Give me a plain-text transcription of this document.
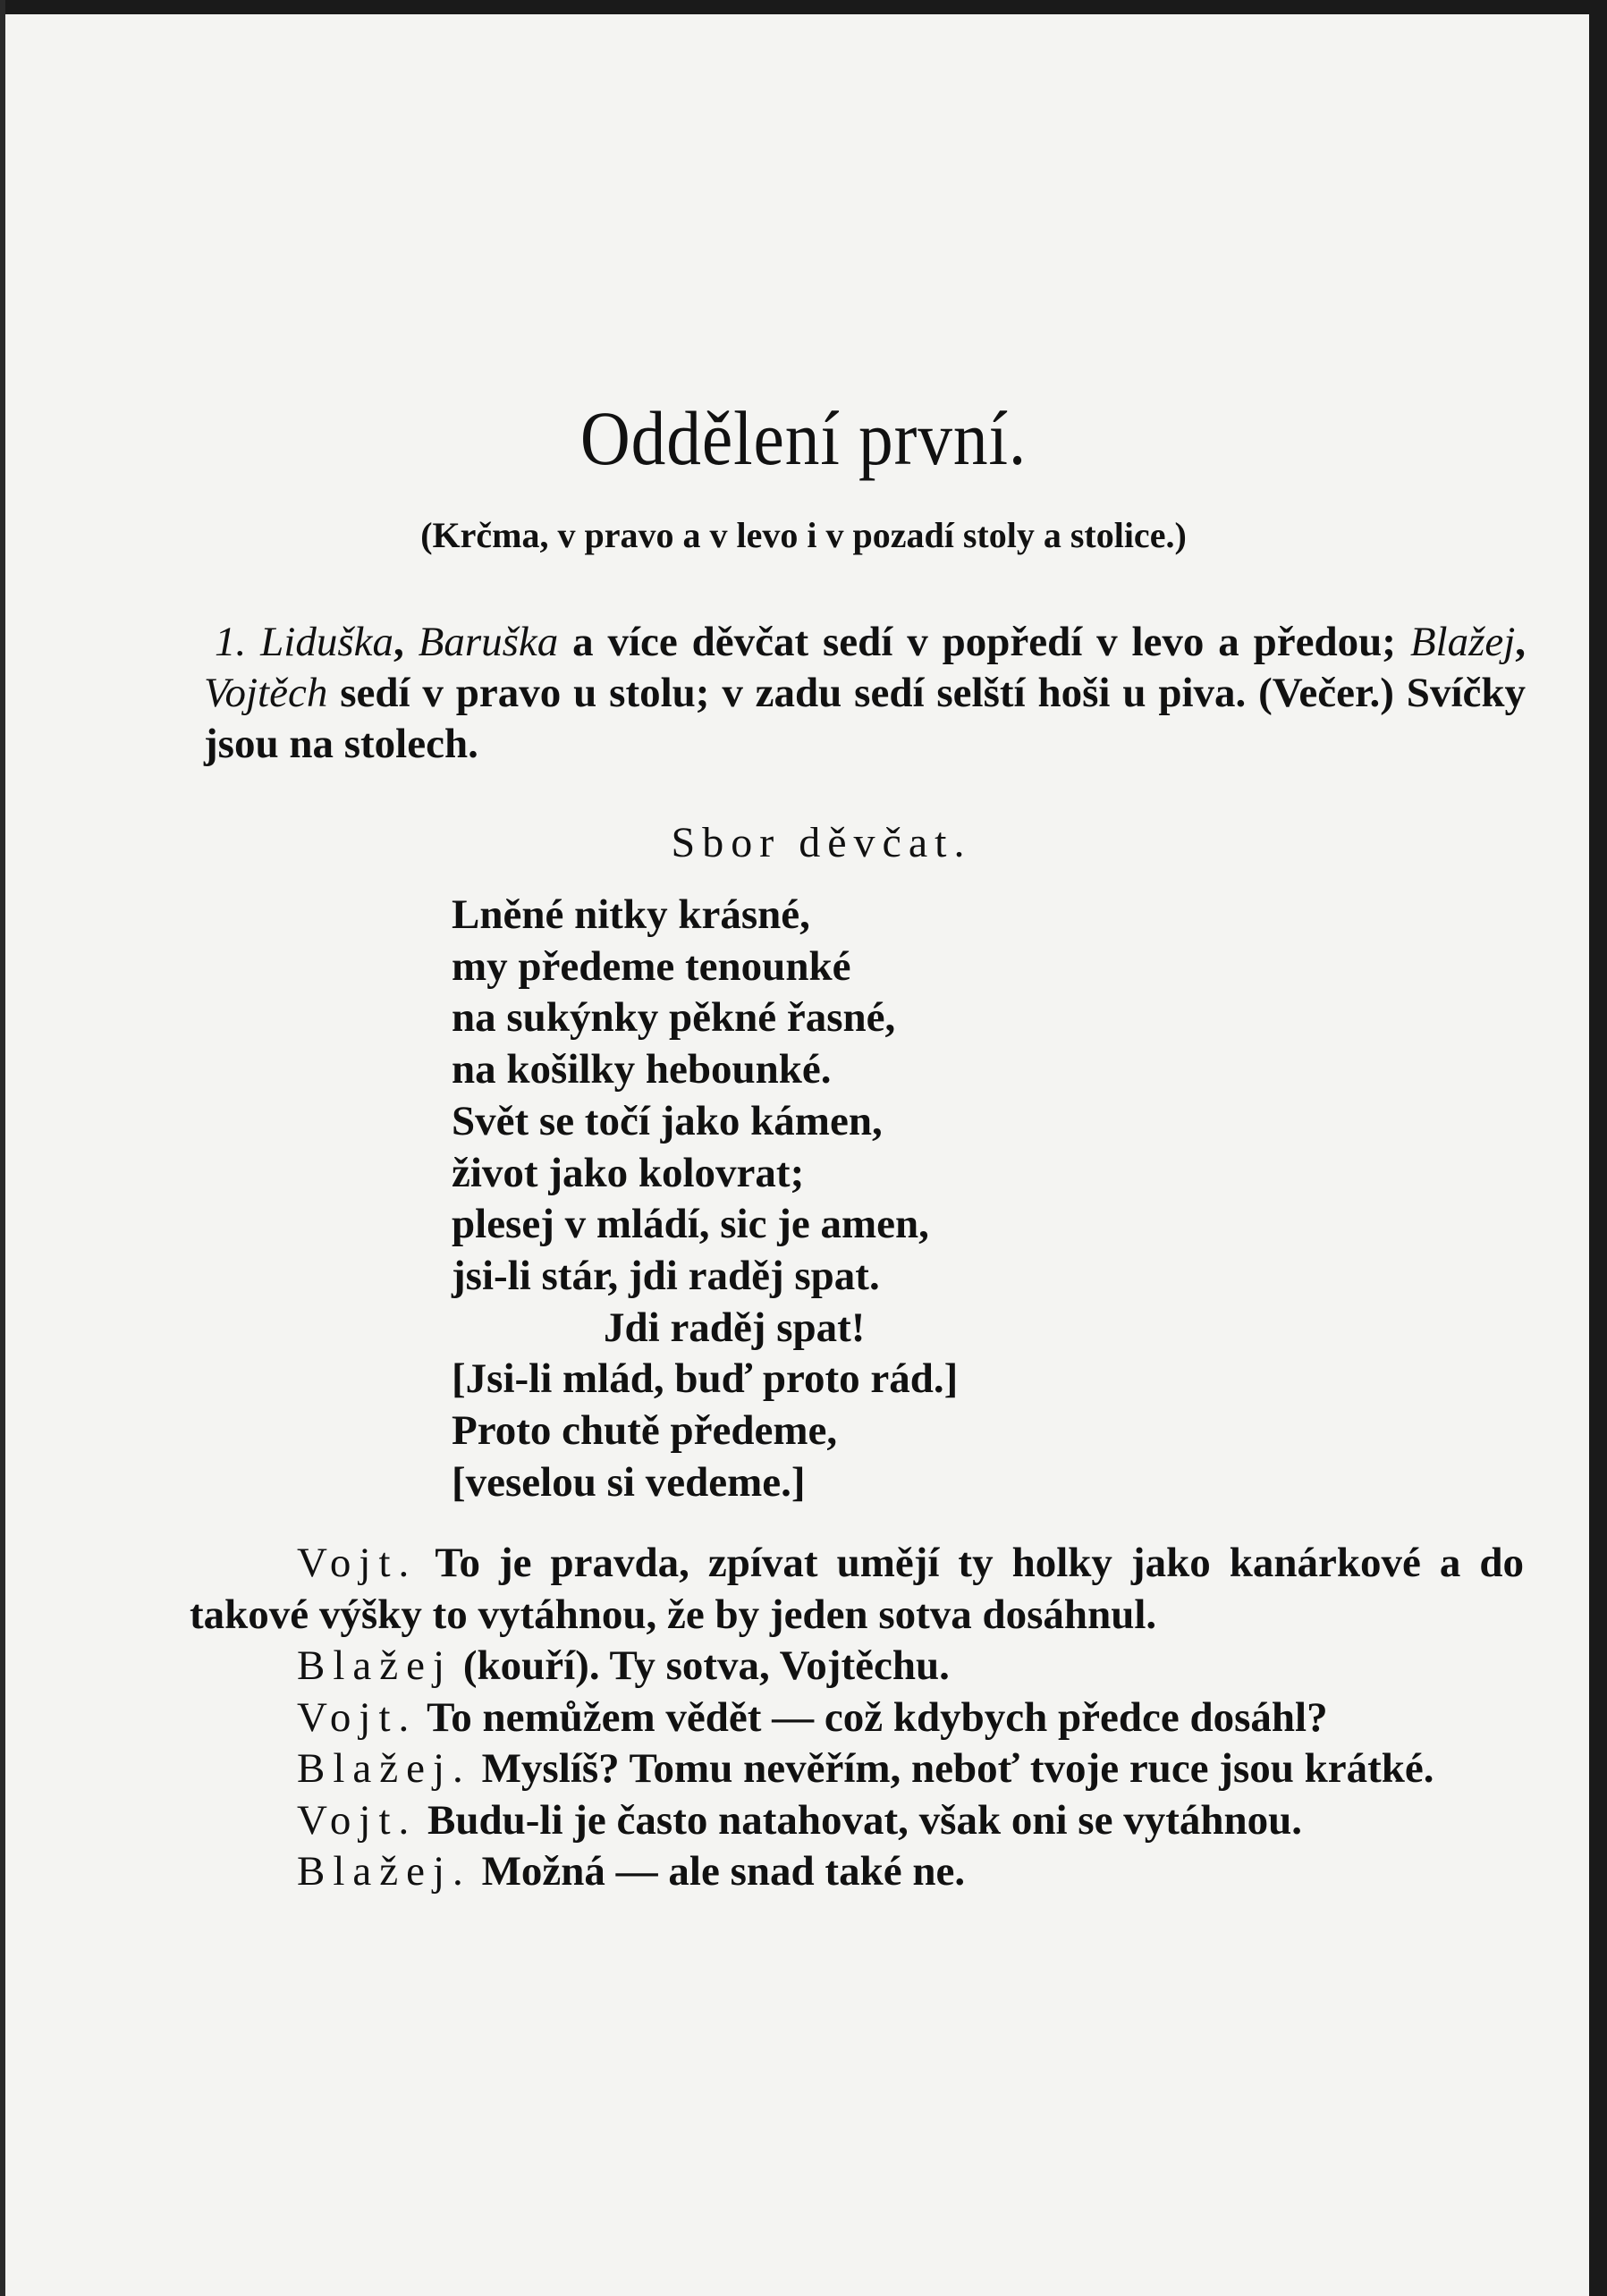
Oddělení první.
(Krčma, v pravo a v levo i v pozadí stoly a stolice.)
1. Liduška, Baruška a více děvčat sedí v popředí v levo a předou; Blažej, Vojtěch sedí v pravo u stolu; v zadu sedí selští hoši u piva. (Večer.) Svíčky jsou na stolech.
Sbor děvčat.
Lněné nitky krásné,
my předeme tenounké
na sukýnky pěkné řasné,
na košilky hebounké.
Svět se točí jako kámen,
život jako kolovrat;
plesej v mládí, sic je amen,
jsi-li stár, jdi raděj spat.
Jdi raděj spat!
[Jsi-li mlád, buď proto rád.]
Proto chutě předeme,
[veselou si vedeme.]

Vojt. To je pravda, zpívat umějí ty holky jako kanárkové a do takové výšky to vytáhnou, že by jeden sotva dosáhnul.

Blažej (kouří). Ty sotva, Vojtěchu.

Vojt. To nemůžem vědět — což kdybych předce dosáhl?

Blažej. Myslíš? Tomu nevěřím, neboť tvoje ruce jsou krátké.

Vojt. Budu-li je často natahovat, však oni se vytáhnou.

Blažej. Možná — ale snad také ne.
